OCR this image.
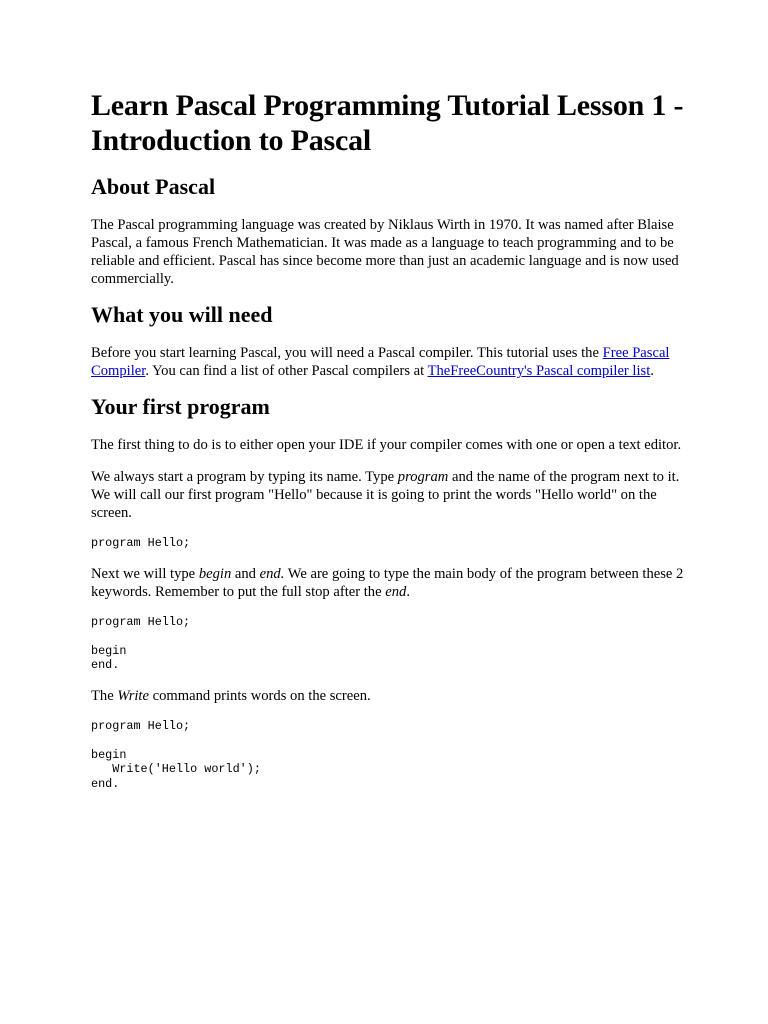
Learn Pascal Programming Tutorial Lesson 1 - Introduction to Pascal
About Pascal

The Pascal programming language was created by Niklaus Wirth in 1970. It was named after Blaise Pascal, a famous French Mathematician. It was made as a language to teach programming and to be reliable and efficient. Pascal has since become more than just an academic language and is now used commercially.

What you will need

Before you start learning Pascal, you will need a Pascal compiler. This tutorial uses the Free Pascal Compiler. You can find a list of other Pascal compilers at TheFreeCountry's Pascal compiler list.

Your first program

The first thing to do is to either open your IDE if your compiler comes with one or open a text editor.

We always start a program by typing its name. Type program and the name of the program next to it. We will call our first program "Hello" because it is going to print the words "Hello world" on the screen.

program Hello;

Next we will type begin and end. We are going to type the main body of the program between these 2 keywords. Remember to put the full stop after the end.

program Hello;

begin
end.

The Write command prints words on the screen.

program Hello;

begin
Write('Hello world');
end.
